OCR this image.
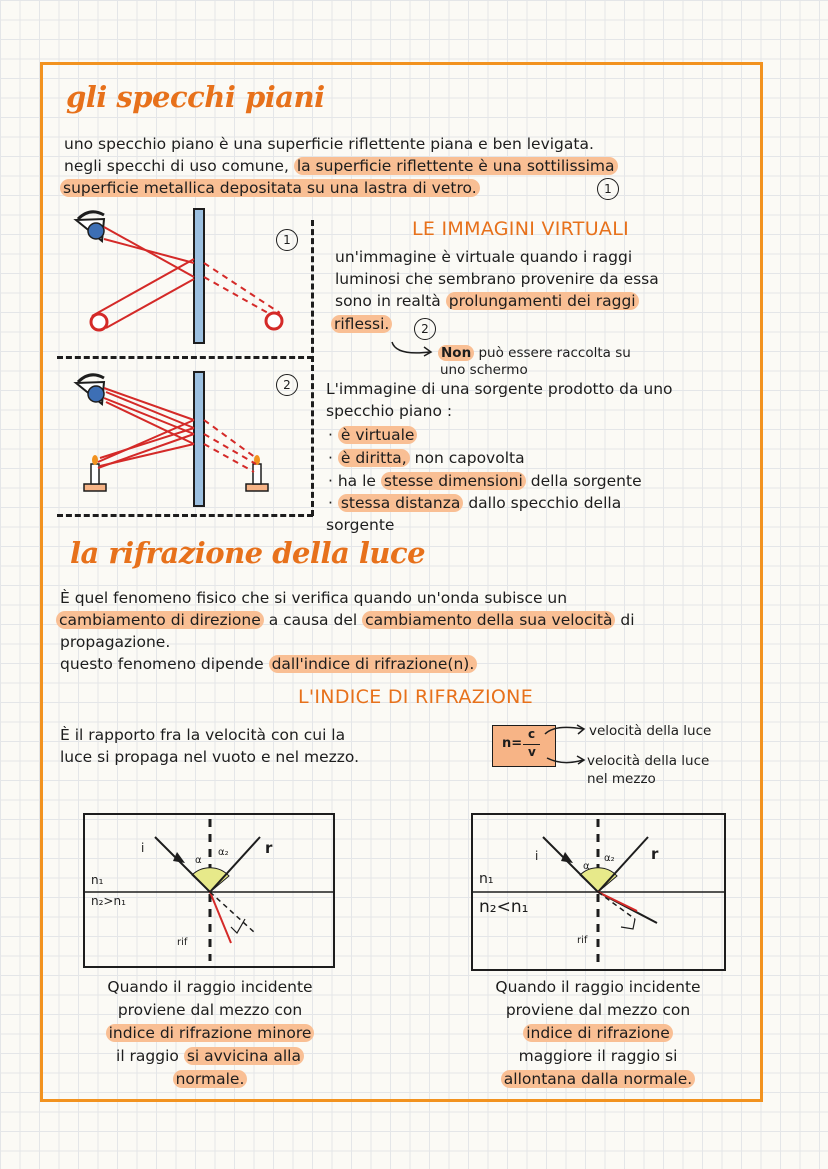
gli specchi piani
uno specchio piano è una superficie riflettente piana e ben levigata.
negli specchi di uso comune, la superficie riflettente è una sottilissima
superficie metallica depositata su una lastra di vetro.	1
1
2
LE IMMAGINI VIRTUALI
un'immagine è virtuale quando i raggi
luminosi che sembrano provenire da essa
sono in realtà prolungamenti dei raggi
riflessi.	2
Non può essere raccolta su
uno schermo
L'immagine di una sorgente prodotto da uno
specchio piano :
· è virtuale
· è diritta, non capovolta
· ha le stesse dimensioni della sorgente
· stessa distanza dallo specchio della
sorgente
la rifrazione della luce
È quel fenomeno fisico che si verifica quando un'onda subisce un
cambiamento di direzione a causa del cambiamento della sua velocità di
propagazione.
questo fenomeno dipende dall'indice di rifrazione(n).
L'INDICE DI RIFRAZIONE
È il rapporto fra la velocità con cui la
luce si propaga nel vuoto e nel mezzo.
n=
c
v
velocità della luce
velocità della luce
nel mezzo
i	r
α
α₂
n₁
n₂>n₁
rif
i	r
α
α₂
n₁
n₂<n₁
rif
Quando il raggio incidente
proviene dal mezzo con
indice di rifrazione minore
il raggio si avvicina alla
normale.
Quando il raggio incidente
proviene dal mezzo con
indice di rifrazione
maggiore il raggio si
allontana dalla normale.
